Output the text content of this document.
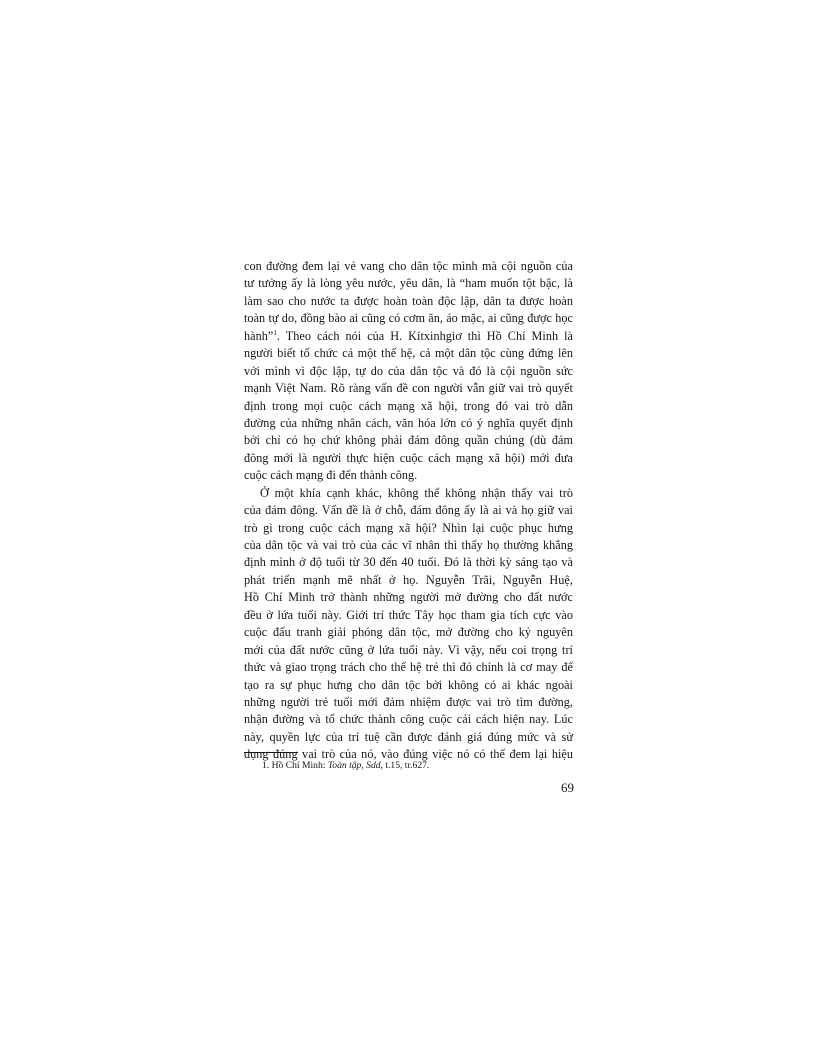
con đường đem lại vẻ vang cho dân tộc mình mà cội nguồn của
tư tưởng ấy là lòng yêu nước, yêu dân, là “ham muốn tột bậc, là
làm sao cho nước ta được hoàn toàn độc lập, dân ta được hoàn
toàn tự do, đồng bào ai cũng có cơm ăn, áo mặc, ai cũng được học
hành”$^1$. Theo cách nói của H. Kítxinhgiơ thì Hồ Chí Minh là
người biết tổ chức cả một thế hệ, cả một dân tộc cùng đứng lên
với mình vì độc lập, tự do của dân tộc và đó là cội nguồn sức
mạnh Việt Nam. Rõ ràng vấn đề con người vẫn giữ vai trò quyết
định trong mọi cuộc cách mạng xã hội, trong đó vai trò dẫn
đường của những nhân cách, văn hóa lớn có ý nghĩa quyết định
bởi chỉ có họ chứ không phải đám đông quần chúng (dù đám
đông mới là người thực hiện cuộc cách mạng xã hội) mới đưa
cuộc cách mạng đi đến thành công.
Ở một khía cạnh khác, không thể không nhận thấy vai trò
của đám đông. Vấn đề là ở chỗ, đám đông ấy là ai và họ giữ vai
trò gì trong cuộc cách mạng xã hội? Nhìn lại cuộc phục hưng
của dân tộc và vai trò của các vĩ nhân thì thấy họ thường khẳng
định mình ở độ tuổi từ 30 đến 40 tuổi. Đó là thời kỳ sáng tạo và
phát triển mạnh mẽ nhất ở họ. Nguyễn Trãi, Nguyễn Huệ,
Hồ Chí Minh trở thành những người mở đường cho đất nước
đều ở lứa tuổi này. Giới trí thức Tây học tham gia tích cực vào
cuộc đấu tranh giải phóng dân tộc, mở đường cho kỷ nguyên
mới của đất nước cũng ở lứa tuổi này. Vì vậy, nếu coi trọng trí
thức và giao trọng trách cho thế hệ trẻ thì đó chính là cơ may để
tạo ra sự phục hưng cho dân tộc bởi không có ai khác ngoài
những người trẻ tuổi mới đảm nhiệm được vai trò tìm đường,
nhận đường và tổ chức thành công cuộc cải cách hiện nay. Lúc
này, quyền lực của trí tuệ cần được đánh giá đúng mức và sử
dụng đúng vai trò của nó, vào đúng việc nó có thể đem lại hiệu
1. Hồ Chí Minh: Toàn tập, Sdd, t.15, tr.627.
69
